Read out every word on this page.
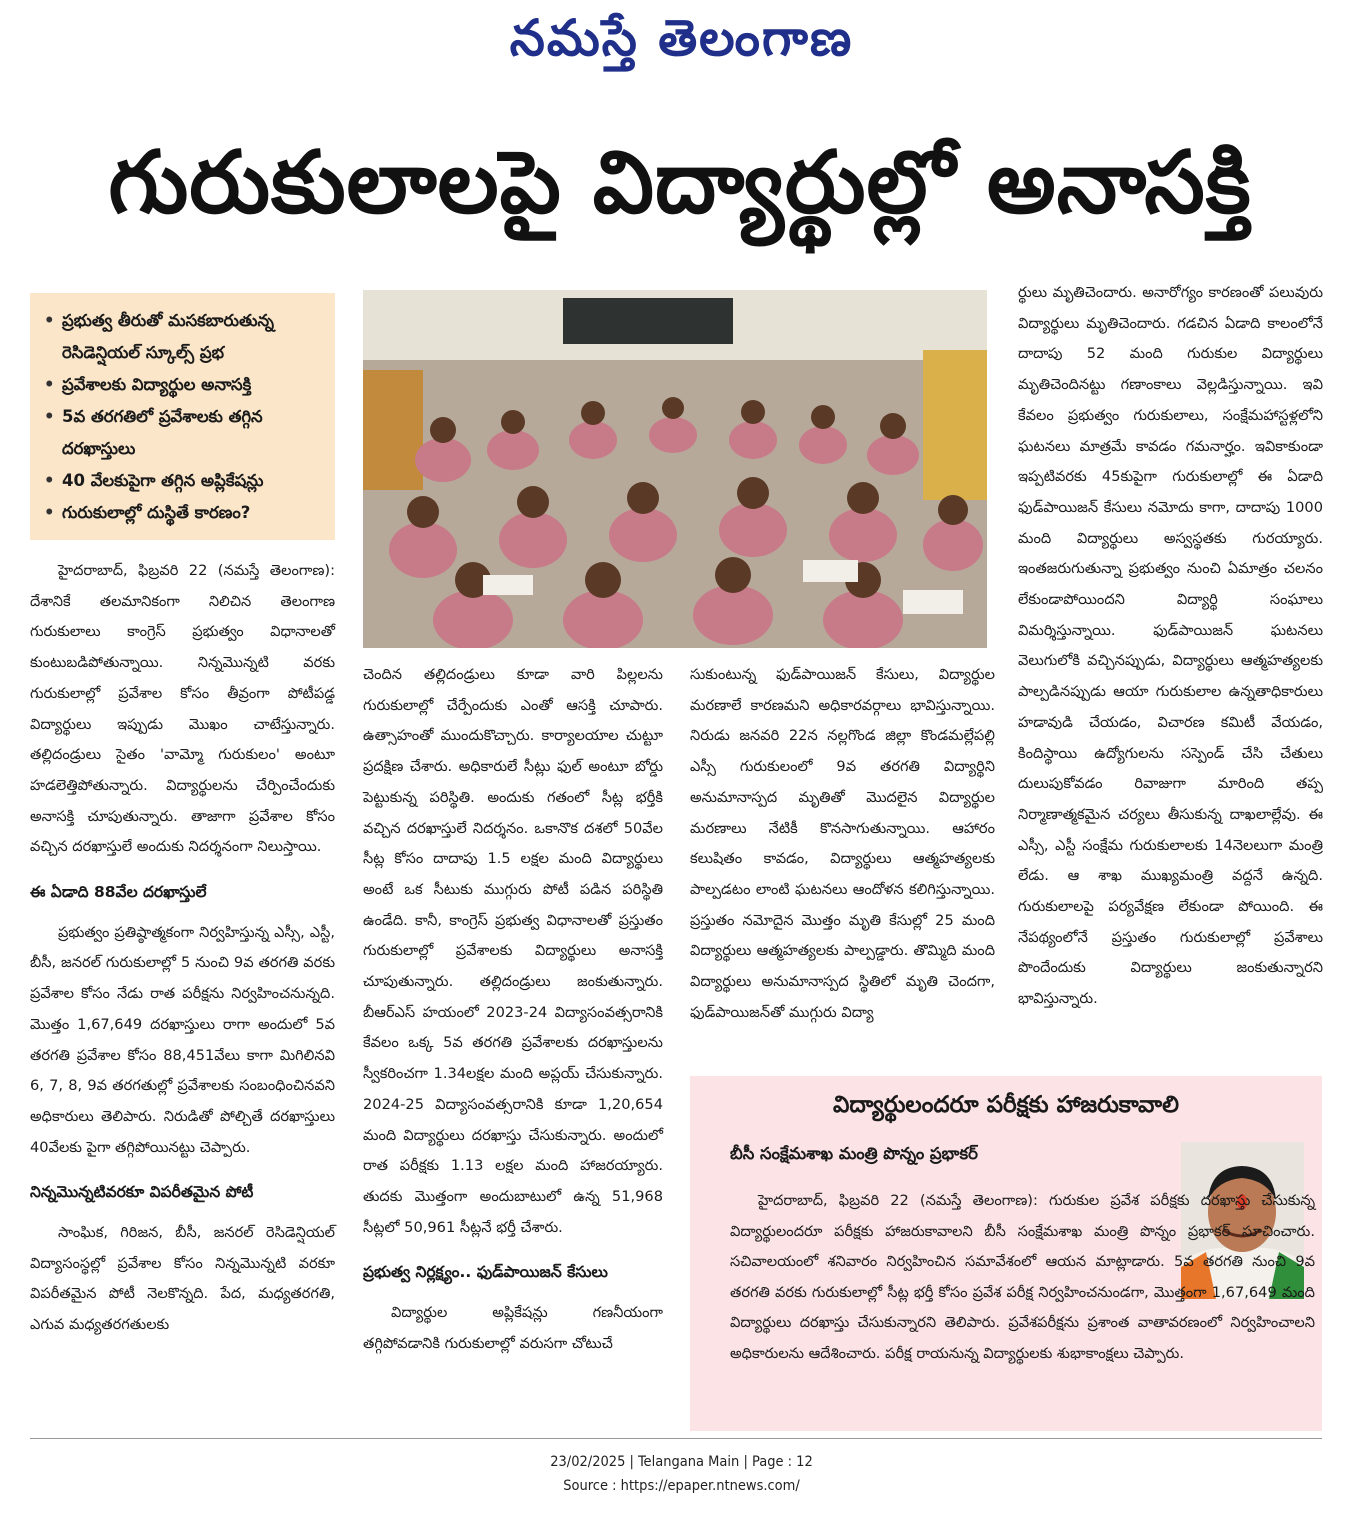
నమస్తే తెలంగాణ
గురుకులాలపై విద్యార్థుల్లో అనాసక్తి
• ప్రభుత్వ తీరుతో మసకబారుతున్న రెసిడెన్షియల్ స్కూల్స్ ప్రభ
• ప్రవేశాలకు విద్యార్థుల అనాసక్తి
• 5వ తరగతిలో ప్రవేశాలకు తగ్గిన దరఖాస్తులు
• 40 వేలకుపైగా తగ్గిన అప్లికేషన్లు
• గురుకులాల్లో దుస్థితే కారణం?

హైదరాబాద్, ఫిబ్రవరి 22 (నమస్తే తెలంగాణ): దేశానికే తలమానికంగా నిలిచిన తెలంగాణ గురుకులాలు కాంగ్రెస్ ప్రభుత్వం విధానాలతో కుంటుబడిపోతున్నాయి. నిన్నమొన్నటి వరకు గురుకులాల్లో ప్రవేశాల కోసం తీవ్రంగా పోటీపడ్డ విద్యార్థులు ఇప్పుడు మొఖం చాటేస్తున్నారు. తల్లిదండ్రులు సైతం 'వామ్మో గురుకులం' అంటూ హడలెత్తిపోతున్నారు. విద్యార్థులను చేర్పించేందుకు అనాసక్తి చూపుతున్నారు. తాజాగా ప్రవేశాల కోసం వచ్చిన దరఖాస్తులే అందుకు నిదర్శనంగా నిలుస్తాయి.

ఈ ఏడాది 88వేల దరఖాస్తులే

ప్రభుత్వం ప్రతిష్ఠాత్మకంగా నిర్వహిస్తున్న ఎస్సీ, ఎస్టీ, బీసీ, జనరల్ గురుకులాల్లో 5 నుంచి 9వ తరగతి వరకు ప్రవేశాల కోసం నేడు రాత పరీక్షను నిర్వహించనున్నది. మొత్తం 1,67,649 దరఖాస్తులు రాగా అందులో 5వ తరగతి ప్రవేశాల కోసం 88,451వేలు కాగా మిగిలినవి 6, 7, 8, 9వ తరగతుల్లో ప్రవేశాలకు సంబంధించినవని అధికారులు తెలిపారు. నిరుడితో పోల్చితే దరఖాస్తులు 40వేలకు పైగా తగ్గిపోయినట్టు చెప్పారు.

నిన్నమొన్నటివరకూ విపరీతమైన పోటీ

సాంఘిక, గిరిజన, బీసీ, జనరల్ రెసిడెన్షియల్ విద్యాసంస్థల్లో ప్రవేశాల కోసం నిన్నమొన్నటి వరకూ విపరీతమైన పోటీ నెలకొన్నది. పేద, మధ్యతరగతి, ఎగువ మధ్యతరగతులకు

చెందిన తల్లిదండ్రులు కూడా వారి పిల్లలను గురుకులాల్లో చేర్పేందుకు ఎంతో ఆసక్తి చూపారు. ఉత్సాహంతో ముందుకొచ్చారు. కార్యాలయాల చుట్టూ ప్రదక్షిణ చేశారు. అధికారులే సీట్లు ఫుల్ అంటూ బోర్డు పెట్టుకున్న పరిస్థితి. అందుకు గతంలో సీట్ల భర్తీకి వచ్చిన దరఖాస్తులే నిదర్శనం. ఒకానొక దశలో 50వేల సీట్ల కోసం దాదాపు 1.5 లక్షల మంది విద్యార్థులు అంటే ఒక సీటుకు ముగ్గురు పోటీ పడిన పరిస్థితి ఉండేది. కానీ, కాంగ్రెస్ ప్రభుత్వ విధానాలతో ప్రస్తుతం గురుకులాల్లో ప్రవేశాలకు విద్యార్థులు అనాసక్తి చూపుతున్నారు. తల్లిదండ్రులు జంకుతున్నారు. బీఆర్ఎస్ హయంలో 2023-24 విద్యాసంవత్సరానికి కేవలం ఒక్క 5వ తరగతి ప్రవేశాలకు దరఖాస్తులను స్వీకరించగా 1.34లక్షల మంది అప్లయ్ చేసుకున్నారు. 2024-25 విద్యాసంవత్సరానికి కూడా 1,20,654 మంది విద్యార్థులు దరఖాస్తు చేసుకున్నారు. అందులో రాత పరీక్షకు 1.13 లక్షల మంది హాజరయ్యారు. తుదకు మొత్తంగా అందుబాటులో ఉన్న 51,968 సీట్లలో 50,961 సీట్లనే భర్తీ చేశారు.

ప్రభుత్వ నిర్లక్ష్యం.. ఫుడ్‌పాయిజన్ కేసులు

విద్యార్థుల అప్లికేషన్లు గణనీయంగా తగ్గిపోవడానికి గురుకులాల్లో వరుసగా చోటుచే

సుకుంటున్న ఫుడ్‌పాయిజన్ కేసులు, విద్యార్థుల మరణాలే కారణమని అధికారవర్గాలు భావిస్తున్నాయి. నిరుడు జనవరి 22న నల్లగొండ జిల్లా కొండమల్లేపల్లి ఎస్సీ గురుకులంలో 9వ తరగతి విద్యార్థిని అనుమానాస్పద మృతితో మొదలైన విద్యార్థుల మరణాలు నేటికీ కొనసాగుతున్నాయి. ఆహారం కలుషితం కావడం, విద్యార్థులు ఆత్మహత్యలకు పాల్పడటం లాంటి ఘటనలు ఆందోళన కలిగిస్తున్నాయి. ప్రస్తుతం నమోదైన మొత్తం మృతి కేసుల్లో 25 మంది విద్యార్థులు ఆత్మహత్యలకు పాల్పడ్డారు. తొమ్మిది మంది విద్యార్థులు అనుమానాస్పద స్థితిలో మృతి చెందగా, ఫుడ్‌పాయిజన్‌తో ముగ్గురు విద్యా

ర్థులు మృతిచెందారు. అనారోగ్యం కారణంతో పలువురు విద్యార్థులు మృతిచెందారు. గడచిన ఏడాది కాలంలోనే దాదాపు 52 మంది గురుకుల విద్యార్థులు మృతిచెందినట్టు గణాంకాలు వెల్లడిస్తున్నాయి. ఇవి కేవలం ప్రభుత్వం గురుకులాలు, సంక్షేమహాస్టళ్లలోని ఘటనలు మాత్రమే కావడం గమనార్హం. ఇవికాకుండా ఇప్పటివరకు 45కుపైగా గురుకులాల్లో ఈ ఏడాది ఫుడ్‌పాయిజన్ కేసులు నమోదు కాగా, దాదాపు 1000 మంది విద్యార్థులు అస్వస్థతకు గురయ్యారు. ఇంతజరుగుతున్నా ప్రభుత్వం నుంచి ఏమాత్రం చలనం లేకుండాపోయిందని విద్యార్థి సంఘాలు విమర్శిస్తున్నాయి. ఫుడ్‌పాయిజన్ ఘటనలు వెలుగులోకి వచ్చినప్పుడు, విద్యార్థులు ఆత్మహత్యలకు పాల్పడినప్పుడు ఆయా గురుకులాల ఉన్నతాధికారులు హడావుడి చేయడం, విచారణ కమిటీ వేయడం, కిందిస్థాయి ఉద్యోగులను సస్పెండ్ చేసి చేతులు దులుపుకోవడం రివాజుగా మారింది తప్ప నిర్మాణాత్మకమైన చర్యలు తీసుకున్న దాఖలాల్లేవు. ఈ ఎస్సీ, ఎస్టీ సంక్షేమ గురుకులాలకు 14నెలలుగా మంత్రి లేడు. ఆ శాఖ ముఖ్యమంత్రి వద్దనే ఉన్నది. గురుకులాలపై పర్యవేక్షణ లేకుండా పోయింది. ఈ నేపథ్యంలోనే ప్రస్తుతం గురుకులాల్లో ప్రవేశాలు పొందేందుకు విద్యార్థులు జంకుతున్నారని భావిస్తున్నారు.

విద్యార్థులందరూ పరీక్షకు హాజరుకావాలి
బీసీ సంక్షేమశాఖ మంత్రి పొన్నం ప్రభాకర్

హైదరాబాద్, ఫిబ్రవరి 22 (నమస్తే తెలంగాణ): గురుకుల ప్రవేశ పరీక్షకు దరఖాస్తు చేసుకున్న విద్యార్థులందరూ పరీక్షకు హాజరుకావాలని బీసీ సంక్షేమశాఖ మంత్రి పొన్నం ప్రభాకర్ సూచించారు. సచివాలయంలో శనివారం నిర్వహించిన సమావేశంలో ఆయన మాట్లాడారు. 5వ తరగతి నుంచి 9వ తరగతి వరకు గురుకులాల్లో సీట్ల భర్తీ కోసం ప్రవేశ పరీక్ష నిర్వహించనుండగా, మొత్తంగా 1,67,649 మంది విద్యార్థులు దరఖాస్తు చేసుకున్నారని తెలిపారు. ప్రవేశపరీక్షను ప్రశాంత వాతావరణంలో నిర్వహించాలని అధికారులను ఆదేశించారు. పరీక్ష రాయనున్న విద్యార్థులకు శుభాకాంక్షలు చెప్పారు.

23/02/2025 | Telangana Main | Page : 12
Source : https://epaper.ntnews.com/
